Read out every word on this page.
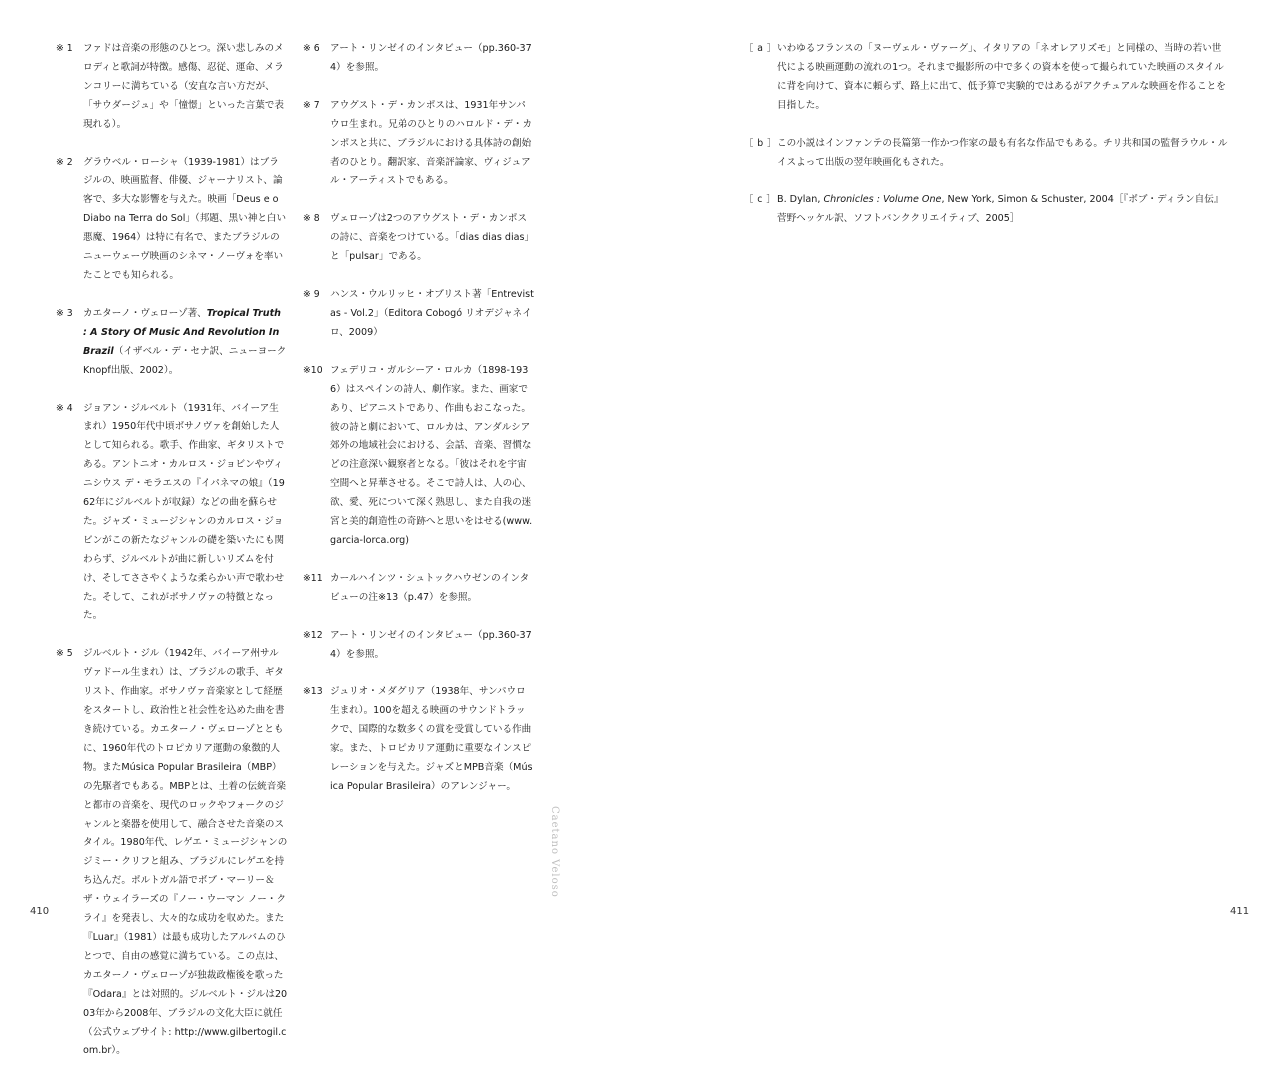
※ 1	ファドは音楽の形態のひとつ。深い悲しみのメロディと歌詞が特徴。感傷、忍従、運命、メランコリーに満ちている（安直な言い方だが、「サウダージュ」や「憧憬」といった言葉で表現れる）。
※ 2	グラウベル・ローシャ（1939-1981）はブラジルの、映画監督、俳優、ジャーナリスト、論客で、多大な影響を与えた。映画「Deus e o Diabo na Terra do Sol」（邦題、黒い神と白い悪魔、1964）は特に有名で、またブラジルのニューウェーヴ映画のシネマ・ノーヴォを率いたことでも知られる。
※ 3	カエターノ・ヴェローゾ著、Tropical Truth : A Story Of Music And Revolution In Brazil（イザベル・デ・セナ訳、ニューヨークKnopf出版、2002）。
※ 4	ジョアン・ジルベルト（1931年、バイーア生まれ）1950年代中頃ボサノヴァを創始した人として知られる。歌手、作曲家、ギタリストである。アントニオ・カルロス・ジョビンやヴィニシウス デ・モラエスの『イパネマの娘』（1962年にジルベルトが収録）などの曲を蘇らせた。ジャズ・ミュージシャンのカルロス・ジョビンがこの新たなジャンルの礎を築いたにも関わらず、ジルベルトが曲に新しいリズムを付け、そしてささやくような柔らかい声で歌わせた。そして、これがボサノヴァの特徴となった。
※ 5	ジルベルト・ジル（1942年、バイーア州サルヴァドール生まれ）は、ブラジルの歌手、ギタリスト、作曲家。ボサノヴァ音楽家として経歴をスタートし、政治性と社会性を込めた曲を書き続けている。カエターノ・ヴェローゾとともに、1960年代のトロピカリア運動の象徴的人物。またMúsica Popular Brasileira（MBP）の先駆者でもある。MBPとは、土着の伝統音楽と都市の音楽を、現代のロックやフォークのジャンルと楽器を使用して、融合させた音楽のスタイル。1980年代、レゲエ・ミュージシャンのジミー・クリフと組み、ブラジルにレゲエを持ち込んだ。ポルトガル語でボブ・マーリー＆ザ・ウェイラーズの『ノー・ウーマン ノー・クライ』を発表し、大々的な成功を収めた。また『Luar』（1981）は最も成功したアルバムのひとつで、自由の感覚に満ちている。この点は、カエターノ・ヴェローゾが独裁政権後を歌った『Odara』とは対照的。ジルベルト・ジルは2003年から2008年、ブラジルの文化大臣に就任（公式ウェブサイト: http://www.gilbertogil.com.br）。
※ 6	アート・リンゼイのインタビュー（pp.360-374）を参照。
※ 7	アウグスト・デ・カンポスは、1931年サンパウロ生まれ。兄弟のひとりのハロルド・デ・カンポスと共に、ブラジルにおける具体詩の創始者のひとり。翻訳家、音楽評論家、ヴィジュアル・アーティストでもある。
※ 8	ヴェローゾは2つのアウグスト・デ・カンポスの詩に、音楽をつけている。「dias dias dias」と「pulsar」である。
※ 9	ハンス・ウルリッヒ・オブリスト著「Entrevistas - Vol.2」（Editora Cobogó リオデジャネイロ、2009）
※10 フェデリコ・ガルシーア・ロルカ（1898-1936）はスペインの詩人、劇作家。また、画家であり、ピアニストであり、作曲もおこなった。彼の詩と劇において、ロルカは、アンダルシア郊外の地域社会における、会話、音楽、習慣などの注意深い観察者となる。「彼はそれを宇宙空間へと昇華させる。そこで詩人は、人の心、欲、愛、死について深く熟思し、また自我の迷宮と美的創造性の奇跡へと思いをはせる(www.garcia-lorca.org)
※11 カールハインツ・シュトックハウゼンのインタビューの注※13（p.47）を参照。
※12 アート・リンゼイのインタビュー（pp.360-374）を参照。
※13 ジュリオ・メダグリア（1938年、サンパウロ生まれ）。100を超える映画のサウンドトラックで、国際的な数多くの賞を受賞している作曲家。また、トロピカリア運動に重要なインスピレーションを与えた。ジャズとMPB音楽（Música Popular Brasileira）のアレンジャー。
Caetano Veloso
［ a ］ いわゆるフランスの「ヌーヴェル・ヴァーグ」、イタリアの「ネオレアリズモ」と同様の、当時の若い世代による映画運動の流れの1つ。それまで撮影所の中で多くの資本を使って撮られていた映画のスタイルに背を向けて、資本に頼らず、路上に出て、低予算で実験的ではあるがアクチュアルな映画を作ることを目指した。
［ b ］ この小説はインファンテの長篇第一作かつ作家の最も有名な作品でもある。チリ共和国の監督ラウル・ルイスよって出版の翌年映画化もされた。
［ c ］ B. Dylan, Chronicles : Volume One, New York, Simon & Schuster, 2004［『ボブ・ディラン自伝』菅野ヘッケル訳、ソフトバンククリエイティブ、2005］
410	411
